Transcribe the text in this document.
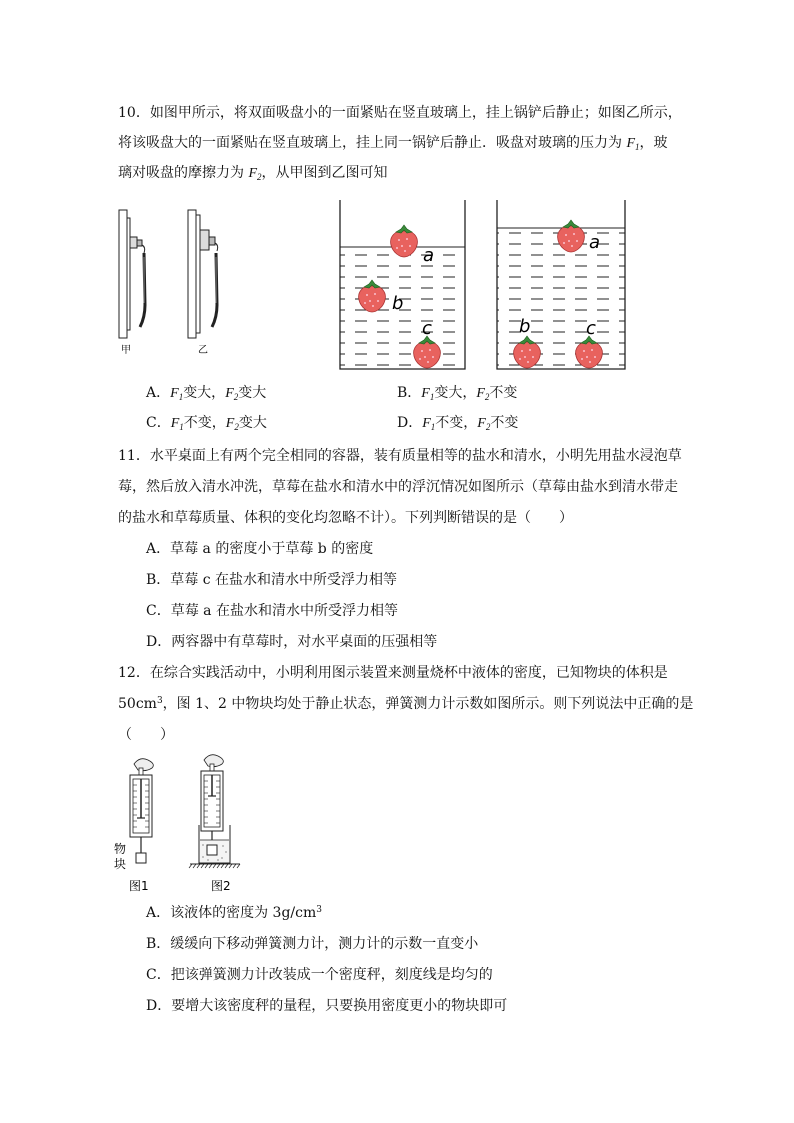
10．如图甲所示，将双面吸盘小的一面紧贴在竖直玻璃上，挂上锅铲后静止；如图乙所示，
将该吸盘大的一面紧贴在竖直玻璃上，挂上同一锅铲后静止．吸盘对玻璃的压力为 $F_1$，玻
璃对吸盘的摩擦力为 $F_2$，从甲图到乙图可知
甲	乙
a
b
c
a
b	c
A．$F_1$变大，$F_2$变大	B．$F_1$变大，$F_2$不变
C．$F_1$不变，$F_2$变大	D．$F_1$不变，$F_2$不变
11．水平桌面上有两个完全相同的容器，装有质量相等的盐水和清水，小明先用盐水浸泡草
莓，然后放入清水冲洗，草莓在盐水和清水中的浮沉情况如图所示（草莓由盐水到清水带走
的盐水和草莓质量、体积的变化均忽略不计）。下列判断错误的是（　　）
A．草莓 a 的密度小于草莓 b 的密度
B．草莓 c 在盐水和清水中所受浮力相等
C．草莓 a 在盐水和清水中所受浮力相等
D．两容器中有草莓时，对水平桌面的压强相等
12．在综合实践活动中，小明利用图示装置来测量烧杯中液体的密度，已知物块的体积是
$50cm^3$，图 1、2 中物块均处于静止状态，弹簧测力计示数如图所示。则下列说法中正确的是
（　　）
物
块
图1	图2
A．该液体的密度为 $3g/cm^3$
B．缓缓向下移动弹簧测力计，测力计的示数一直变小
C．把该弹簧测力计改装成一个密度秤，刻度线是均匀的
D．要增大该密度秤的量程，只要换用密度更小的物块即可
